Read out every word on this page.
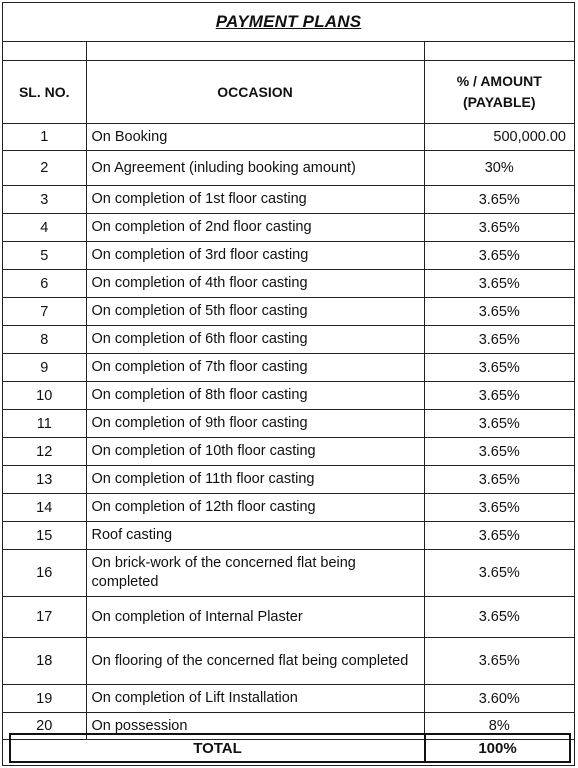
PAYMENT PLANS

SL. NO.	OCCASION	% / AMOUNT
(PAYABLE)

1	On Booking	500,000.00
2	On Agreement (inluding booking amount)	30%
3	On completion of 1st floor casting	3.65%
4	On completion of 2nd floor casting	3.65%
5	On completion of 3rd floor casting	3.65%
6	On completion of 4th floor casting	3.65%
7	On completion of 5th floor casting	3.65%
8	On completion of 6th floor casting	3.65%
9	On completion of 7th floor casting	3.65%
10	On completion of 8th floor casting	3.65%
11	On completion of 9th floor casting	3.65%
12	On completion of 10th floor casting	3.65%
13	On completion of 11th floor casting	3.65%
14	On completion of 12th floor casting	3.65%
15	Roof casting	3.65%
16	On brick-work of the concerned flat being completed	3.65%
17	On completion of Internal Plaster	3.65%
18	On flooring of the concerned flat being completed	3.65%
19	On completion of Lift Installation	3.60%
20	On possession	8%
TOTAL	100%
